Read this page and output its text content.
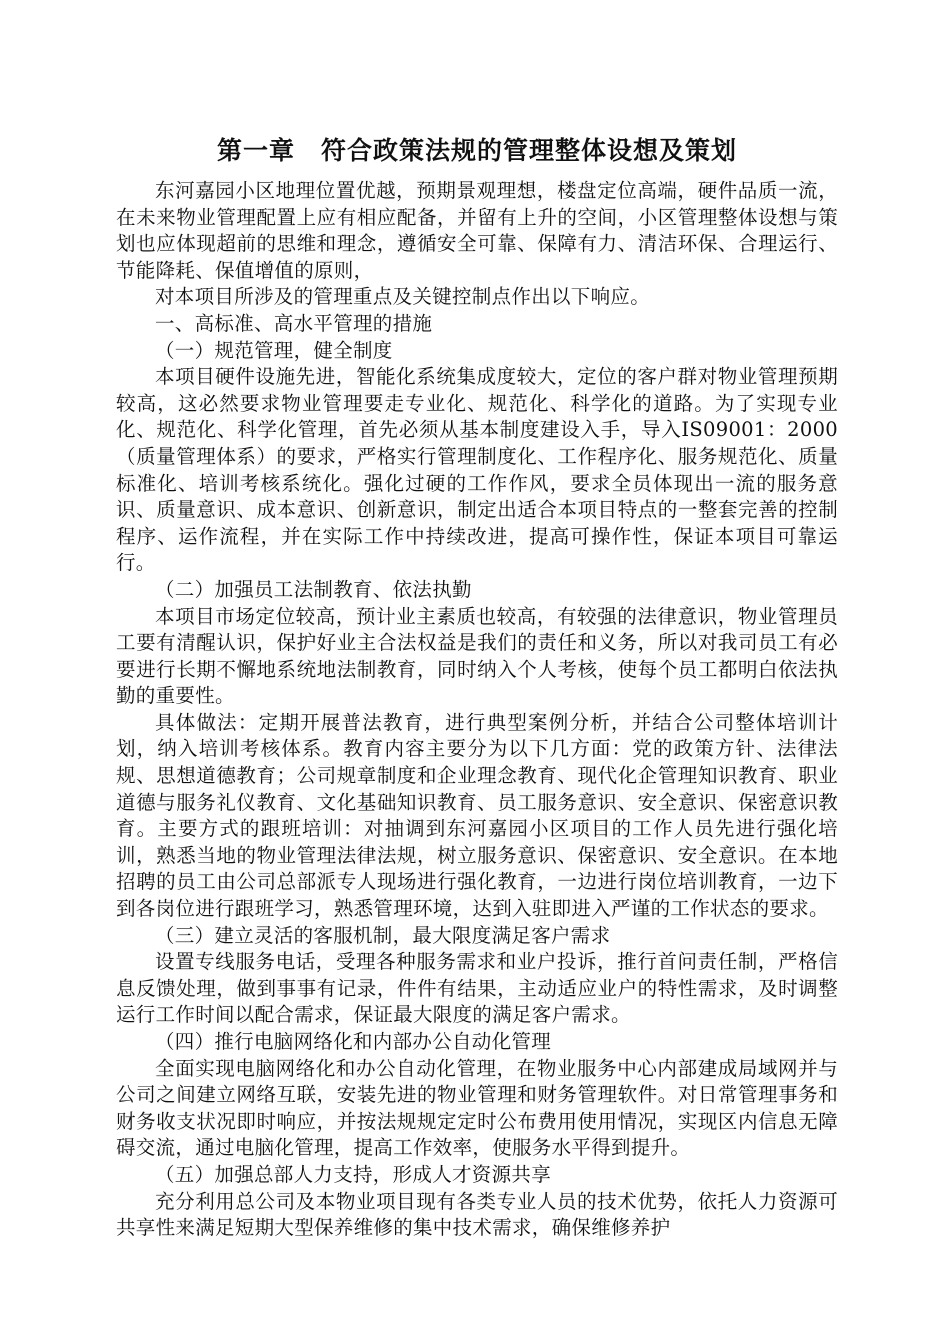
第一章　符合政策法规的管理整体设想及策划

东河嘉园小区地理位置优越，预期景观理想，楼盘定位高端，硬件品质一流，在未来物业管理配置上应有相应配备，并留有上升的空间，小区管理整体设想与策划也应体现超前的思维和理念，遵循安全可靠、保障有力、清洁环保、合理运行、节能降耗、保值增值的原则，

对本项目所涉及的管理重点及关键控制点作出以下响应。

一、高标准、高水平管理的措施

（一）规范管理，健全制度

本项目硬件设施先进，智能化系统集成度较大，定位的客户群对物业管理预期较高，这必然要求物业管理要走专业化、规范化、科学化的道路。为了实现专业化、规范化、科学化管理，首先必须从基本制度建设入手，导入IS09001：2000（质量管理体系）的要求，严格实行管理制度化、工作程序化、服务规范化、质量标准化、培训考核系统化。强化过硬的工作作风，要求全员体现出一流的服务意识、质量意识、成本意识、创新意识，制定出适合本项目特点的一整套完善的控制程序、运作流程，并在实际工作中持续改进，提高可操作性，保证本项目可靠运行。

（二）加强员工法制教育、依法执勤

本项目市场定位较高，预计业主素质也较高，有较强的法律意识，物业管理员工要有清醒认识，保护好业主合法权益是我们的责任和义务，所以对我司员工有必要进行长期不懈地系统地法制教育，同时纳入个人考核，使每个员工都明白依法执勤的重要性。

具体做法：定期开展普法教育，进行典型案例分析，并结合公司整体培训计划，纳入培训考核体系。教育内容主要分为以下几方面：党的政策方针、法律法规、思想道德教育；公司规章制度和企业理念教育、现代化企管理知识教育、职业道德与服务礼仪教育、文化基础知识教育、员工服务意识、安全意识、保密意识教育。主要方式的跟班培训：对抽调到东河嘉园小区项目的工作人员先进行强化培训，熟悉当地的物业管理法律法规，树立服务意识、保密意识、安全意识。在本地招聘的员工由公司总部派专人现场进行强化教育，一边进行岗位培训教育，一边下到各岗位进行跟班学习，熟悉管理环境，达到入驻即进入严谨的工作状态的要求。

（三）建立灵活的客服机制，最大限度满足客户需求

设置专线服务电话，受理各种服务需求和业户投诉，推行首问责任制，严格信息反馈处理，做到事事有记录，件件有结果，主动适应业户的特性需求，及时调整运行工作时间以配合需求，保证最大限度的满足客户需求。

（四）推行电脑网络化和内部办公自动化管理

全面实现电脑网络化和办公自动化管理，在物业服务中心内部建成局域网并与公司之间建立网络互联，安装先进的物业管理和财务管理软件。对日常管理事务和财务收支状况即时响应，并按法规规定定时公布费用使用情况，实现区内信息无障碍交流，通过电脑化管理，提高工作效率，使服务水平得到提升。

（五）加强总部人力支持，形成人才资源共享

充分利用总公司及本物业项目现有各类专业人员的技术优势，依托人力资源可共享性来满足短期大型保养维修的集中技术需求，确保维修养护
